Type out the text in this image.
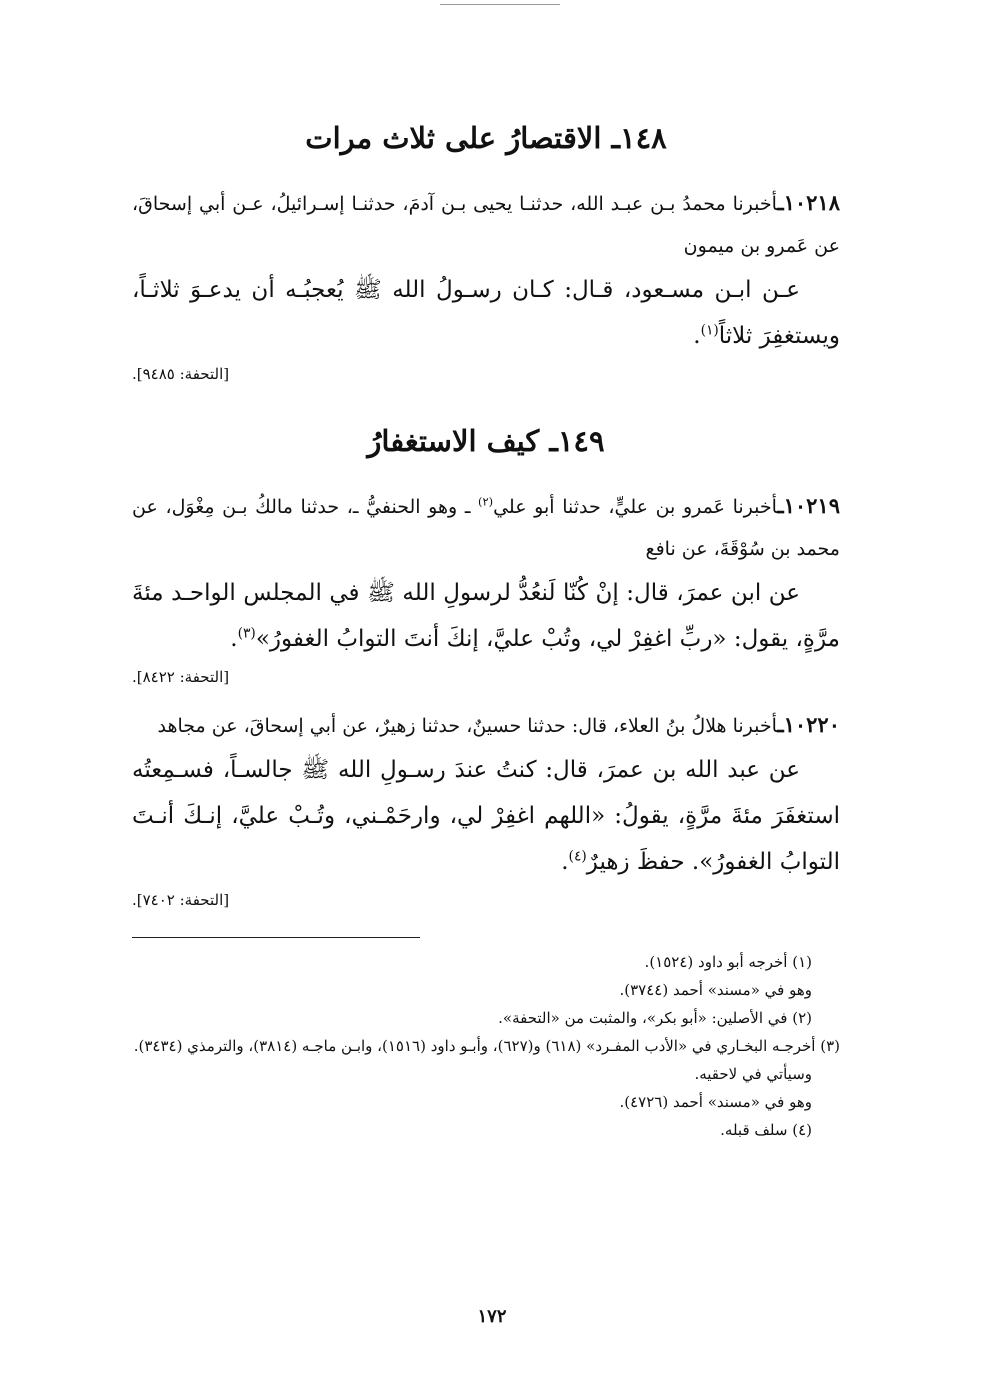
١٤٨ـ الاقتصارُ على ثلاث مرات

١٠٢١٨ـأخبرنا محمدُ بـن عبـد الله، حدثنـا يحيى بـن آدمَ، حدثنـا إسـرائيلُ، عـن أبي إسحاقَ، عن عَمرو بن ميمون

عـن ابـن مسـعود، قـال: كـان رسـولُ الله ﷺ يُعجبُـه أن يدعـوَ ثلاثـاً، ويستغفِرَ ثلاثاً$^{(١)}$.

[التحفة: ٩٤٨٥].

١٤٩ـ كيف الاستغفارُ

١٠٢١٩ـأخبرنا عَمرو بن عليٍّ، حدثنا أبو علي$^{(٢)}$ ـ وهو الحنفيُّ ـ، حدثنا مالكُ بـن مِغْوَل، عن محمد بن سُوْقَةَ، عن نافع

عن ابن عمرَ، قال: إنْ كُنّا لَنعُدُّ لرسولِ الله ﷺ في المجلس الواحـد مئةَ مرَّةٍ، يقول: «ربِّ اغفِرْ لي، وتُبْ عليَّ، إنكَ أنتَ التوابُ الغفورُ»$^{(٣)}$.

[التحفة: ٨٤٢٢].

١٠٢٢٠ـأخبرنا هلالُ بنُ العلاء، قال: حدثنا حسينٌ، حدثنا زهيرٌ، عن أبي إسحاقَ، عن مجاهد

عن عبد الله بن عمرَ، قال: كنتُ عندَ رسـولِ الله ﷺ جالسـاً، فسـمِعتُه استغفَرَ مئةَ مرَّةٍ، يقولُ: «اللهم اغفِرْ لي، وارحَمْـني، وتُـبْ عليَّ، إنـكَ أنـتَ التوابُ الغفورُ». حفظَ زهيرٌ$^{(٤)}$.

[التحفة: ٧٤٠٢].

(١) أخرجه أبو داود (١٥٢٤).

وهو في «مسند» أحمد (٣٧٤٤).

(٢) في الأصلين: «أبو بكر»، والمثبت من «التحفة».

(٣) أخرجـه البخـاري في «الأدب المفـرد» (٦١٨) و(٦٢٧)، وأبـو داود (١٥١٦)، وابـن ماجـه (٣٨١٤)، والترمذي (٣٤٣٤).

وسيأتي في لاحقيه.

وهو في «مسند» أحمد (٤٧٢٦).

(٤) سلف قبله.

١٧٢
